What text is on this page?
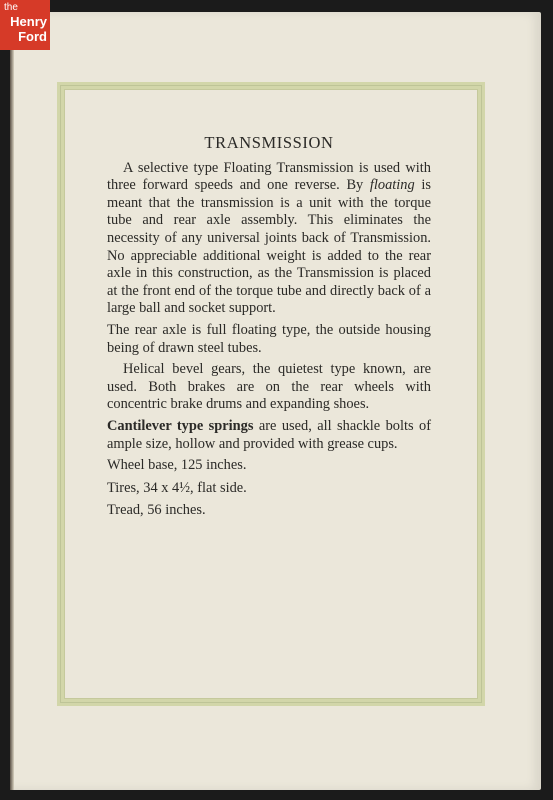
the
Henry
Ford
TRANSMISSION

A selective type Floating Transmission is used with three forward speeds and one reverse. By floating is meant that the transmission is a unit with the torque tube and rear axle assembly. This eliminates the necessity of any universal joints back of Transmission. No appreciable additional weight is added to the rear axle in this construction, as the Transmission is placed at the front end of the torque tube and directly back of a large ball and socket support.

The rear axle is full floating type, the outside housing being of drawn steel tubes.

Helical bevel gears, the quietest type known, are used. Both brakes are on the rear wheels with concentric brake drums and expanding shoes.

Cantilever type springs are used, all shackle bolts of ample size, hollow and provided with grease cups.

Wheel base, 125 inches.

Tires, 34 x 4½, flat side.

Tread, 56 inches.
